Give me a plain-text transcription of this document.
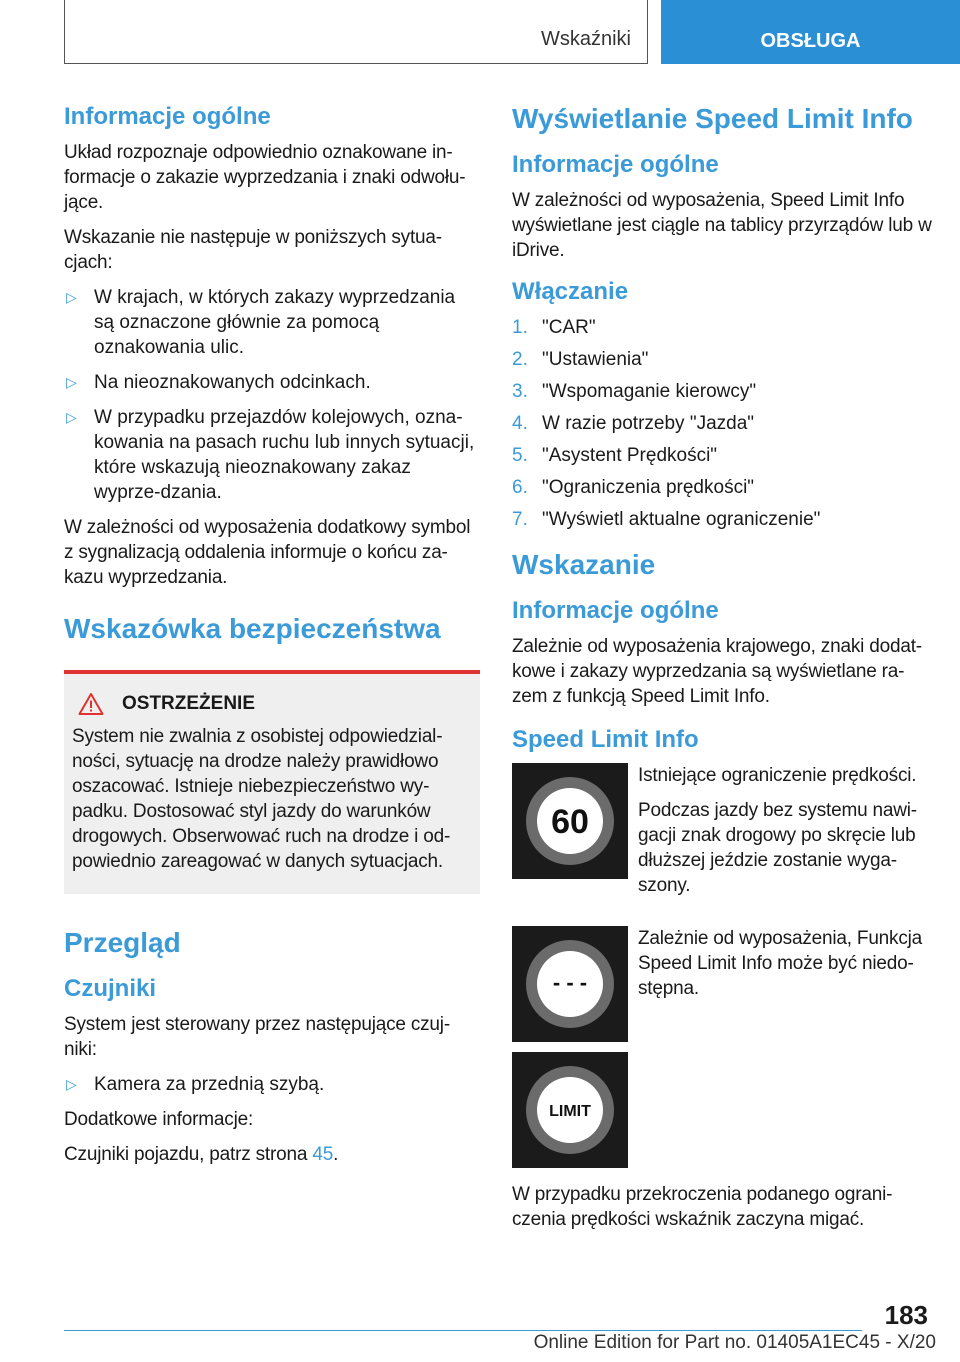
Wskaźniki	OBSŁUGA
Informacje ogólne
Układ rozpoznaje odpowiednio oznakowane in-formacje o zakazie wyprzedzania i znaki odwołu-jące.
Wskazanie nie następuje w poniższych sytua-cjach:
▷ W krajach, w których zakazy wyprzedzania są oznaczone głównie za pomocą oznakowania ulic.
▷ Na nieoznakowanych odcinkach.
▷ W przypadku przejazdów kolejowych, ozna-kowania na pasach ruchu lub innych sytuacji, które wskazują nieoznakowany zakaz wyprze-dzania.
W zależności od wyposażenia dodatkowy symbol z sygnalizacją oddalenia informuje o końcu za-kazu wyprzedzania.
Wskazówka bezpieczeństwa
OSTRZEŻENIE
System nie zwalnia z osobistej odpowiedzial-ności, sytuację na drodze należy prawidłowo oszacować. Istnieje niebezpieczeństwo wy-padku. Dostosować styl jazdy do warunków drogowych. Obserwować ruch na drodze i od-powiednio zareagować w danych sytuacjach.
Przegląd
Czujniki
System jest sterowany przez następujące czuj-niki:
▷ Kamera za przednią szybą.
Dodatkowe informacje:
Czujniki pojazdu, patrz strona 45.
Wyświetlanie Speed Limit Info
Informacje ogólne
W zależności od wyposażenia, Speed Limit Info wyświetlane jest ciągle na tablicy przyrządów lub w iDrive.
Włączanie
1. "CAR"
2. "Ustawienia"
3. "Wspomaganie kierowcy"
4. W razie potrzeby "Jazda"
5. "Asystent Prędkości"
6. "Ograniczenia prędkości"
7. "Wyświetl aktualne ograniczenie"
Wskazanie
Informacje ogólne
Zależnie od wyposażenia krajowego, znaki dodat-kowe i zakazy wyprzedzania są wyświetlane ra-zem z funkcją Speed Limit Info.
Speed Limit Info
60
Istniejące ograniczenie prędkości.
Podczas jazdy bez systemu nawi-gacji znak drogowy po skręcie lub dłuższej jeździe zostanie wyga-szony.
- - -
Zależnie od wyposażenia, Funkcja Speed Limit Info może być niedo-stępna.
LIMIT
W przypadku przekroczenia podanego ograni-czenia prędkości wskaźnik zaczyna migać.
183
Online Edition for Part no. 01405A1EC45 - X/20
